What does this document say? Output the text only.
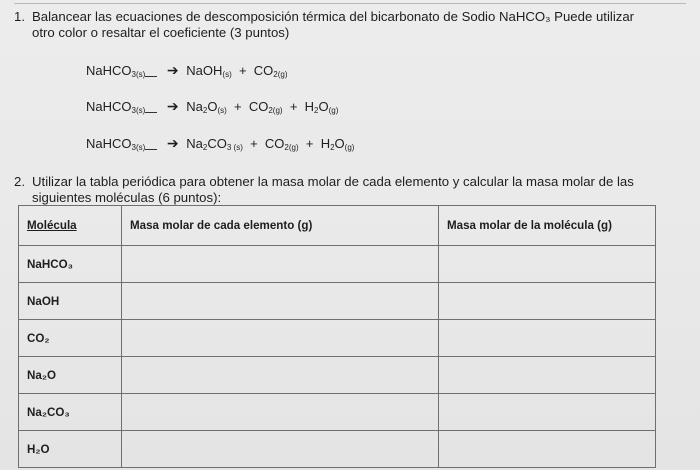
1. Balancear las ecuaciones de descomposición térmica del bicarbonato de Sodio NaHCO₃ Puede utilizar
otro color o resaltar el coeficiente (3 puntos)
NaHCO$_{3(s)}$ ➔ NaOH$_{(s)}$  +  $CO_{2(g)}$
NaHCO$_{3(s)}$ ➔ $Na_2O_{(s)} + CO_{2(g)} + H_2O_{(g)}$
NaHCO$_{3(s)}$ ➔ $Na_2CO_{3 (s)} + CO_{2(g)} + H_2O_{(g)}$
2. Utilizar la tabla periódica para obtener la masa molar de cada elemento y calcular la masa molar de las
siguientes moléculas (6 puntos):
Molécula	Masa molar de cada elemento (g)	Masa molar de la molécula (g)
NaHCO₃		
NaOH		
CO₂		
Na₂O		
Na₂CO₃		
H₂O		
